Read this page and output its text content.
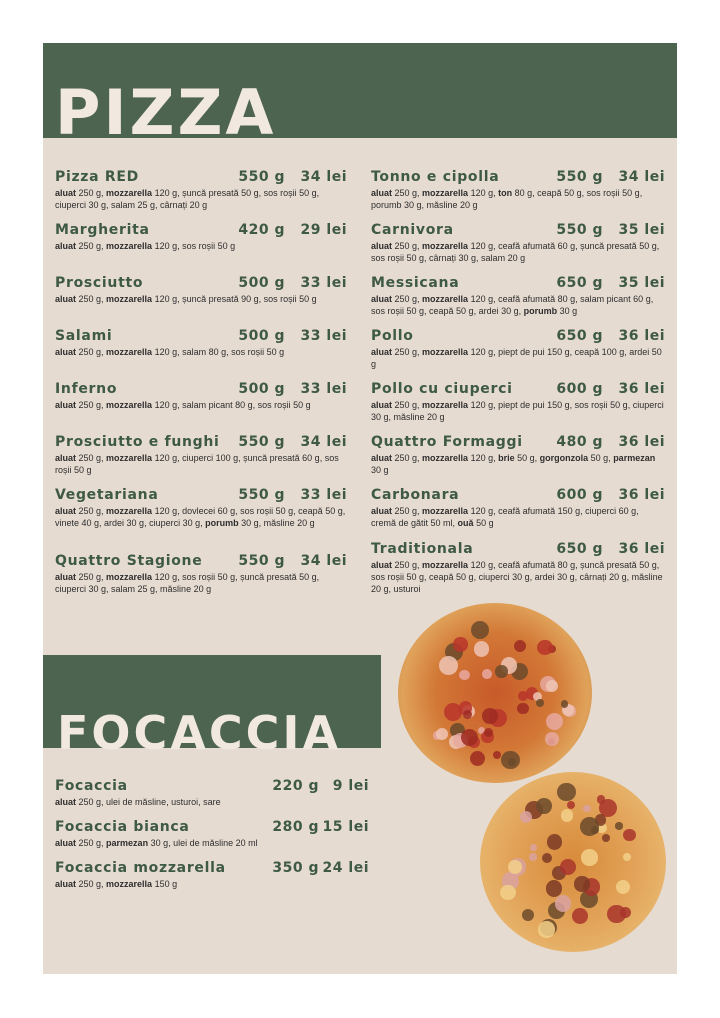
PIZZA
Pizza RED	550 g	34 lei
aluat 250 g, mozzarella 120 g, șuncă presată 50 g, sos roșii 50 g, ciuperci 30 g, salam 25 g, cârnați 20 g
Margherita	420 g	29 lei
aluat 250 g, mozzarella 120 g, sos roșii 50 g
Prosciutto	500 g	33 lei
aluat 250 g, mozzarella 120 g, șuncă presată 90 g, sos roșii 50 g
Salami	500 g	33 lei
aluat 250 g, mozzarella 120 g, salam 80 g, sos roșii 50 g
Inferno	500 g	33 lei
aluat 250 g, mozzarella 120 g, salam picant 80 g, sos roșii 50 g
Prosciutto e funghi	550 g	34 lei
aluat 250 g, mozzarella 120 g, ciuperci 100 g, șuncă presată 60 g, sos roșii 50 g
Vegetariana	550 g	33 lei
aluat 250 g, mozzarella 120 g, dovlecei 60 g, sos roșii 50 g, ceapă 50 g, vinete 40 g, ardei 30 g, ciuperci 30 g, porumb 30 g, măsline 20 g
Quattro Stagione	550 g	34 lei
aluat 250 g, mozzarella 120 g, sos roșii 50 g, șuncă presată 50 g, ciuperci 30 g, salam 25 g, măsline 20 g
Tonno e cipolla	550 g	34 lei
aluat 250 g, mozzarella 120 g, ton 80 g, ceapă 50 g, sos roșii 50 g, porumb 30 g, măsline 20 g
Carnivora	550 g	35 lei
aluat 250 g, mozzarella 120 g, ceafă afumată 60 g, șuncă presată 50 g, sos roșii 50 g, cârnați 30 g, salam 20 g
Messicana	650 g	35 lei
aluat 250 g, mozzarella 120 g, ceafă afumată 80 g, salam picant 60 g, sos roșii 50 g, ceapă 50 g, ardei 30 g, porumb 30 g
Pollo	650 g	36 lei
aluat 250 g, mozzarella 120 g, piept de pui 150 g, ceapă 100 g, ardei 50 g
Pollo cu ciuperci	600 g	36 lei
aluat 250 g, mozzarella 120 g, piept de pui 150 g, sos roșii 50 g, ciuperci 30 g, măsline 20 g
Quattro Formaggi	480 g	36 lei
aluat 250 g, mozzarella 120 g, brie 50 g, gorgonzola 50 g, parmezan 30 g
Carbonara	600 g	36 lei
aluat 250 g, mozzarella 120 g, ceafă afumată 150 g, ciuperci 60 g, cremă de gătit 50 ml, ouă 50 g
Traditionala	650 g	36 lei
aluat 250 g, mozzarella 120 g, ceafă afumată 80 g, șuncă presată 50 g, sos roșii 50 g, ceapă 50 g, ciuperci 30 g, ardei 30 g, cârnați 20 g, măsline 20 g, usturoi
FOCACCIA
Focaccia	220 g 9 lei
aluat 250 g, ulei de măsline, usturoi, sare
Focaccia bianca	280 g 15 lei
aluat 250 g, parmezan 30 g, ulei de măsline 20 ml
Focaccia mozzarella	350 g 24 lei
aluat 250 g, mozzarella 150 g
